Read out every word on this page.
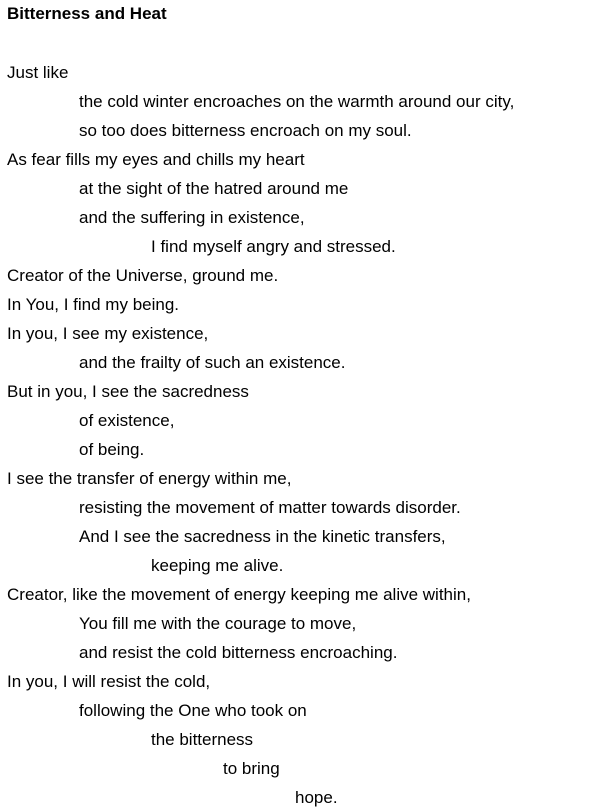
Bitterness and Heat
Just like
the cold winter encroaches on the warmth around our city,
so too does bitterness encroach on my soul.
As fear fills my eyes and chills my heart
at the sight of the hatred around me
and the suffering in existence,
I find myself angry and stressed.
Creator of the Universe, ground me.
In You, I find my being.
In you, I see my existence,
and the frailty of such an existence.
But in you, I see the sacredness
of existence,
of being.
I see the transfer of energy within me,
resisting the movement of matter towards disorder.
And I see the sacredness in the kinetic transfers,
keeping me alive.
Creator, like the movement of energy keeping me alive within,
You fill me with the courage to move,
and resist the cold bitterness encroaching.
In you, I will resist the cold,
following the One who took on
the bitterness
to bring
hope.
